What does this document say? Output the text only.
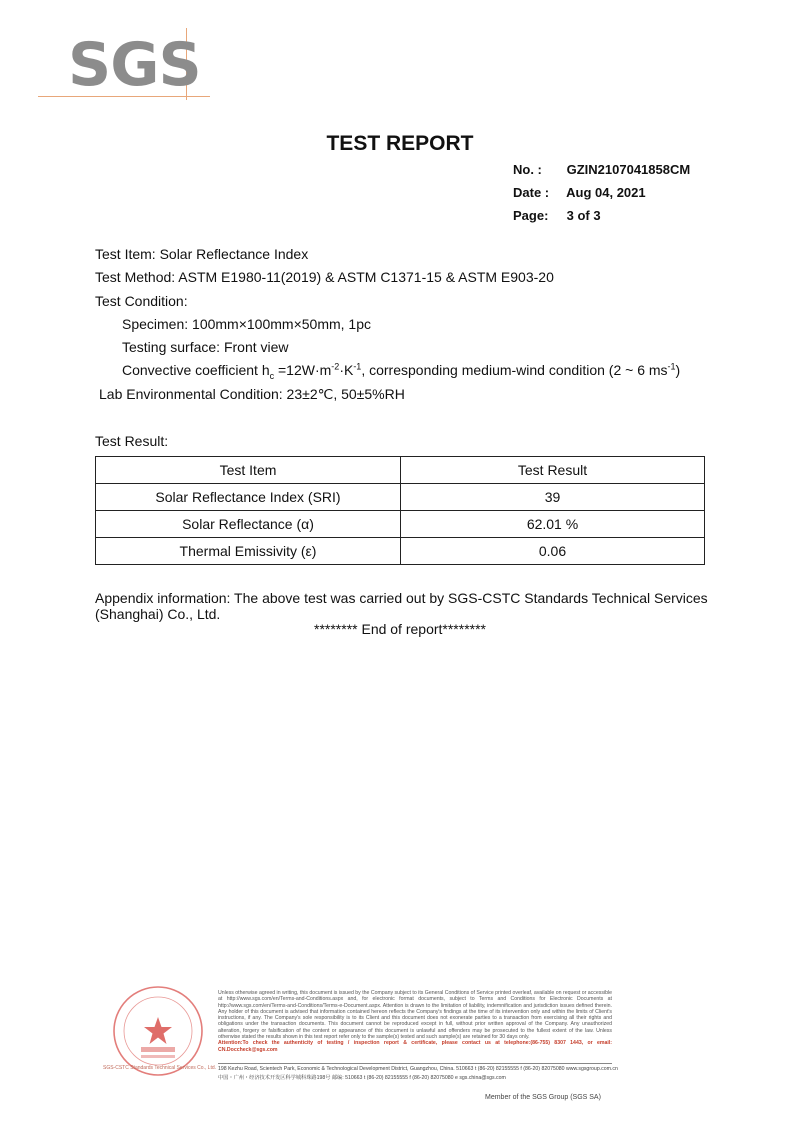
SGS
TEST REPORT
No. : GZIN2107041858CM
Date : Aug 04, 2021
Page: 3 of 3
Test Item: Solar Reflectance Index
Test Method: ASTM E1980-11(2019) & ASTM C1371-15 & ASTM E903-20
Test Condition:
Specimen: 100mm×100mm×50mm, 1pc
Testing surface: Front view
Convective coefficient $h_c =12W\cdot m^{-2}\cdot K^{-1}$, corresponding medium-wind condition (2 ~ 6 $ms^{-1}$)
Lab Environmental Condition: 23±2℃, 50±5%RH
Test Result:
Test Item	Test Result
Solar Reflectance Index (SRI)	39
Solar Reflectance (α)	62.01 %
Thermal Emissivity (ε)	0.06
Appendix information: The above test was carried out by SGS-CSTC Standards Technical Services (Shanghai) Co., Ltd.
******** End of report********
SGS-CSTC Standards Technical Services Co., Ltd.
Unless otherwise agreed in writing, this document is issued by the Company subject to its General Conditions of Service printed overleaf, available on request or accessible at http://www.sgs.com/en/Terms-and-Conditions.aspx and, for electronic format documents, subject to Terms and Conditions for Electronic Documents at http://www.sgs.com/en/Terms-and-Conditions/Terms-e-Document.aspx. Attention is drawn to the limitation of liability, indemnification and jurisdiction issues defined therein. Any holder of this document is advised that information contained hereon reflects the Company's findings at the time of its intervention only and within the limits of Client's instructions, if any. The Company's sole responsibility is to its Client and this document does not exonerate parties to a transaction from exercising all their rights and obligations under the transaction documents. This document cannot be reproduced except in full, without prior written approval of the Company. Any unauthorized alteration, forgery or falsification of the content or appearance of this document is unlawful and offenders may be prosecuted to the fullest extent of the law. Unless otherwise stated the results shown in this test report refer only to the sample(s) tested and such sample(s) are retained for 30 days only.
Attention:To check the authenticity of testing / inspection report & certificate, please contact us at telephone:(86-755) 8307 1443, or email: CN.Doccheck@sgs.com
198 Kezhu Road, Scientech Park, Economic & Technological Development District, Guangzhou, China. 510663 t (86-20) 82155555 f (86-20) 82075080 www.sgsgroup.com.cn
中国・广州・经济技术开发区科学城科珠路198号 邮编: 510663 t (86-20) 82155555 f (86-20) 82075080 e sgs.china@sgs.com
Member of the SGS Group (SGS SA)
